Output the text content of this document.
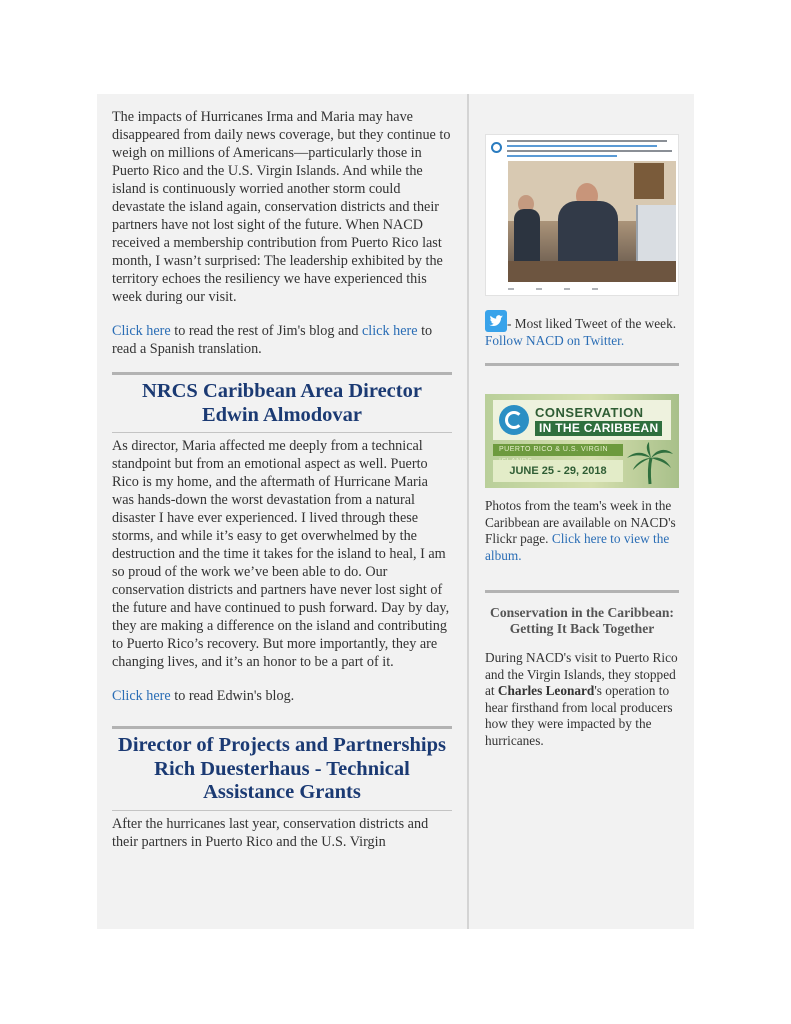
The impacts of Hurricanes Irma and Maria may have disappeared from daily news coverage, but they continue to weigh on millions of Americans—particularly those in Puerto Rico and the U.S. Virgin Islands. And while the island is continuously worried another storm could devastate the island again, conservation districts and their partners have not lost sight of the future. When NACD received a membership contribution from Puerto Rico last month, I wasn’t surprised: The leadership exhibited by the territory echoes the resiliency we have experienced this week during our visit.

Click here to read the rest of Jim's blog and click here to read a Spanish translation.

NRCS Caribbean Area Director
Edwin Almodovar

As director, Maria affected me deeply from a technical standpoint but from an emotional aspect as well. Puerto Rico is my home, and the aftermath of Hurricane Maria was hands-down the worst devastation from a natural disaster I have ever experienced. I lived through these storms, and while it’s easy to get overwhelmed by the destruction and the time it takes for the island to heal, I am so proud of the work we’ve been able to do. Our conservation districts and partners have never lost sight of the future and have continued to push forward. Day by day, they are making a difference on the island and contributing to Puerto Rico’s recovery. But more importantly, they are changing lives, and it’s an honor to be a part of it.

Click here to read Edwin's blog.

Director of Projects and Partnerships
Rich Duesterhaus - Technical
Assistance Grants

After the hurricanes last year, conservation districts and their partners in Puerto Rico and the U.S. Virgin

- Most liked Tweet of the week. Follow NACD on Twitter.
CONSERVATION
IN THE CARIBBEAN
PUERTO RICO & U.S. VIRGIN
JUNE 25 - 29, 2018
Photos from the team's week in the Caribbean are available on NACD's Flickr page. Click here to view the album.
Conservation in the Caribbean: Getting It Back Together
During NACD's visit to Puerto Rico and the Virgin Islands, they stopped at Charles Leonard's operation to hear firsthand from local producers how they were impacted by the hurricanes.
